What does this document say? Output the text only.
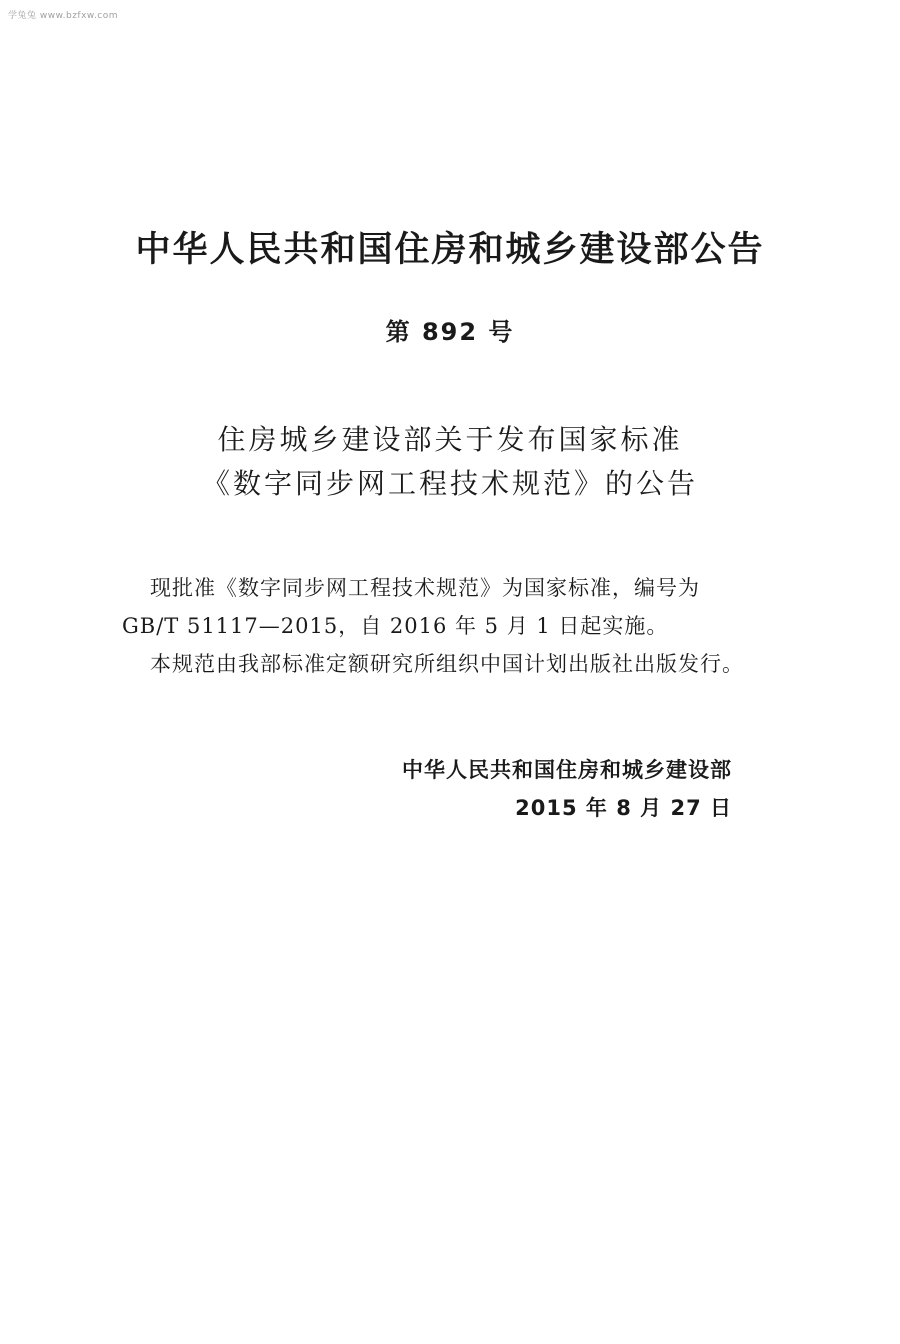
学兔兔 www.bzfxw.com
中华人民共和国住房和城乡建设部公告
第 892 号
住房城乡建设部关于发布国家标准
《数字同步网工程技术规范》的公告
现批准《数字同步网工程技术规范》为国家标准，编号为
GB/T 51117—2015，自 2016 年 5 月 1 日起实施。
本规范由我部标准定额研究所组织中国计划出版社出版发行。
中华人民共和国住房和城乡建设部
2015 年 8 月 27 日
